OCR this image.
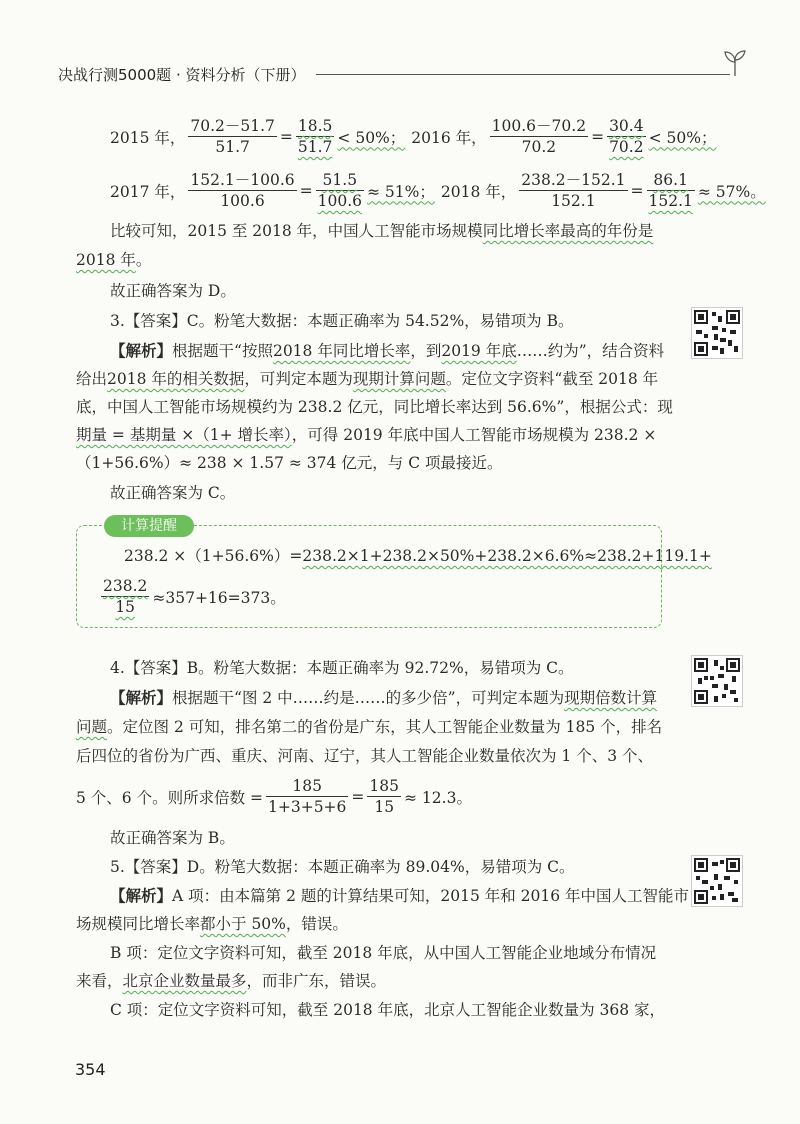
决战行测5000题 · 资料分析（下册）
2015 年， $\frac{70.2-51.7}{51.7} = \frac{18.5}{51.7} < 50\%$； 2016 年， $\frac{100.6-70.2}{70.2} = \frac{30.4}{70.2} < 50\%$；
2017 年， $\frac{152.1-100.6}{100.6} = \frac{51.5}{100.6} \approx 51\%$； 2018 年， $\frac{238.2-152.1}{152.1} = \frac{86.1}{152.1} \approx 57\%$。
比较可知，2015 至 2018 年，中国人工智能市场规模同比增长率最高的年份是
2018 年。
故正确答案为 D。
3.【答案】C。粉笔大数据：本题正确率为 54.52%，易错项为 B。
【解析】根据题干“按照2018 年同比增长率，到2019 年底……约为”，结合资料
给出2018 年的相关数据，可判定本题为现期计算问题。定位文字资料“截至 2018 年
底，中国人工智能市场规模约为 238.2 亿元，同比增长率达到 56.6%”，根据公式：现
期量 = 基期量 ×（1+ 增长率），可得 2019 年底中国人工智能市场规模为 238.2 ×
（1+56.6%）≈ 238 × 1.57 ≈ 374 亿元，与 C 项最接近。
故正确答案为 C。
计算提醒
238.2 ×（1+56.6%）=238.2×1+238.2×50%+238.2×6.6%≈238.2+119.1+
$\frac{238.2}{15} \approx 357+16=373$。
4.【答案】B。粉笔大数据：本题正确率为 92.72%，易错项为 C。
【解析】根据题干“图 2 中……约是……的多少倍”，可判定本题为现期倍数计算
问题。定位图 2 可知，排名第二的省份是广东，其人工智能企业数量为 185 个，排名
后四位的省份为广西、重庆、河南、辽宁，其人工智能企业数量依次为 1 个、3 个、
5 个、6 个。则所求倍数 = $\frac{185}{1+3+5+6} = \frac{185}{15} \approx 12.3$。
故正确答案为 B。
5.【答案】D。粉笔大数据：本题正确率为 89.04%，易错项为 C。
【解析】A 项：由本篇第 2 题的计算结果可知，2015 年和 2016 年中国人工智能市
场规模同比增长率都小于 50%，错误。
B 项：定位文字资料可知，截至 2018 年底，从中国人工智能企业地域分布情况
来看，北京企业数量最多，而非广东，错误。
C 项：定位文字资料可知，截至 2018 年底，北京人工智能企业数量为 368 家，
354
